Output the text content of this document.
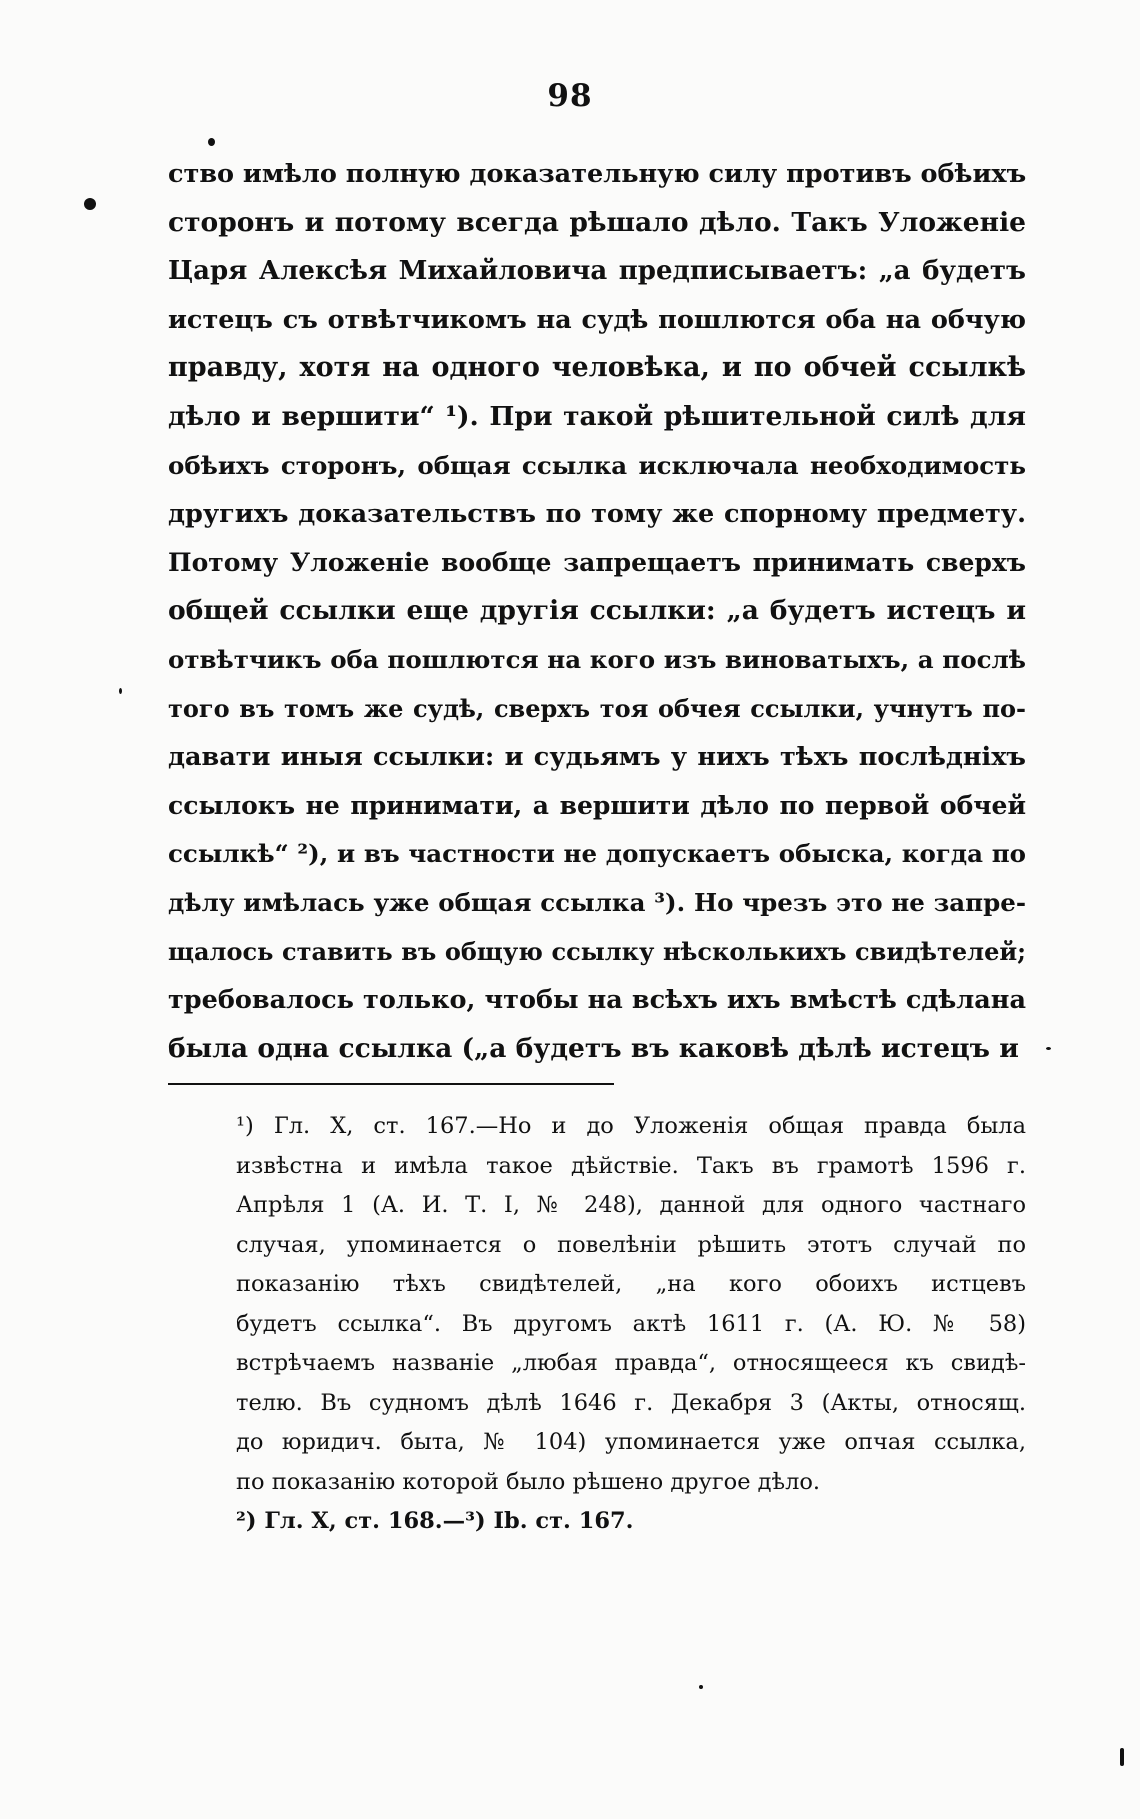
98
ство имѣло полную доказательную силу противъ обѣихъ
сторонъ и потому всегда рѣшало дѣло. Такъ Уложеніе
Царя Алексѣя Михайловича предписываетъ: „а будетъ
истецъ съ отвѣтчикомъ на судѣ пошлются оба на обчую
правду, хотя на одного человѣка, и по обчей ссылкѣ
дѣло и вершити“ ¹). При такой рѣшительной силѣ для
обѣихъ сторонъ, общая ссылка исключала необходимость
другихъ доказательствъ по тому же спорному предмету.
Потому Уложеніе вообще запрещаетъ принимать сверхъ
общей ссылки еще другія ссылки: „а будетъ истецъ и
отвѣтчикъ оба пошлются на кого изъ виноватыхъ, а послѣ
того въ томъ же судѣ, сверхъ тоя обчея ссылки, учнутъ по-
давати иныя ссылки: и судьямъ у нихъ тѣхъ послѣдніхъ
ссылокъ не принимати, а вершити дѣло по первой обчей
ссылкѣ“ ²), и въ частности не допускаетъ обыска, когда по
дѣлу имѣлась уже общая ссылка ³). Но чрезъ это не запре-
щалось ставить въ общую ссылку нѣсколькихъ свидѣтелей;
требовалось только, чтобы на всѣхъ ихъ вмѣстѣ сдѣлана
была одна ссылка („а будетъ въ каковѣ дѣлѣ истецъ и
¹) Гл. X, ст. 167.—Но и до Уложенія общая правда была
извѣстна и имѣла такое дѣйствіе. Такъ въ грамотѣ 1596 г.
Апрѣля 1 (А. И. Т. I, № 248), данной для одного частнаго
случая, упоминается о повелѣніи рѣшить этотъ случай по
показанію тѣхъ свидѣтелей, „на кого обоихъ истцевъ
будетъ ссылка“. Въ другомъ актѣ 1611 г. (А. Ю. № 58)
встрѣчаемъ названіе „любая правда“, относящееся къ свидѣ-
телю. Въ судномъ дѣлѣ 1646 г. Декабря 3 (Акты, относящ.
до юридич. быта, № 104) упоминается уже опчая ссылка,
по показанію которой было рѣшено другое дѣло.
²) Гл. X, ст. 168.—³) Ib. ст. 167.
